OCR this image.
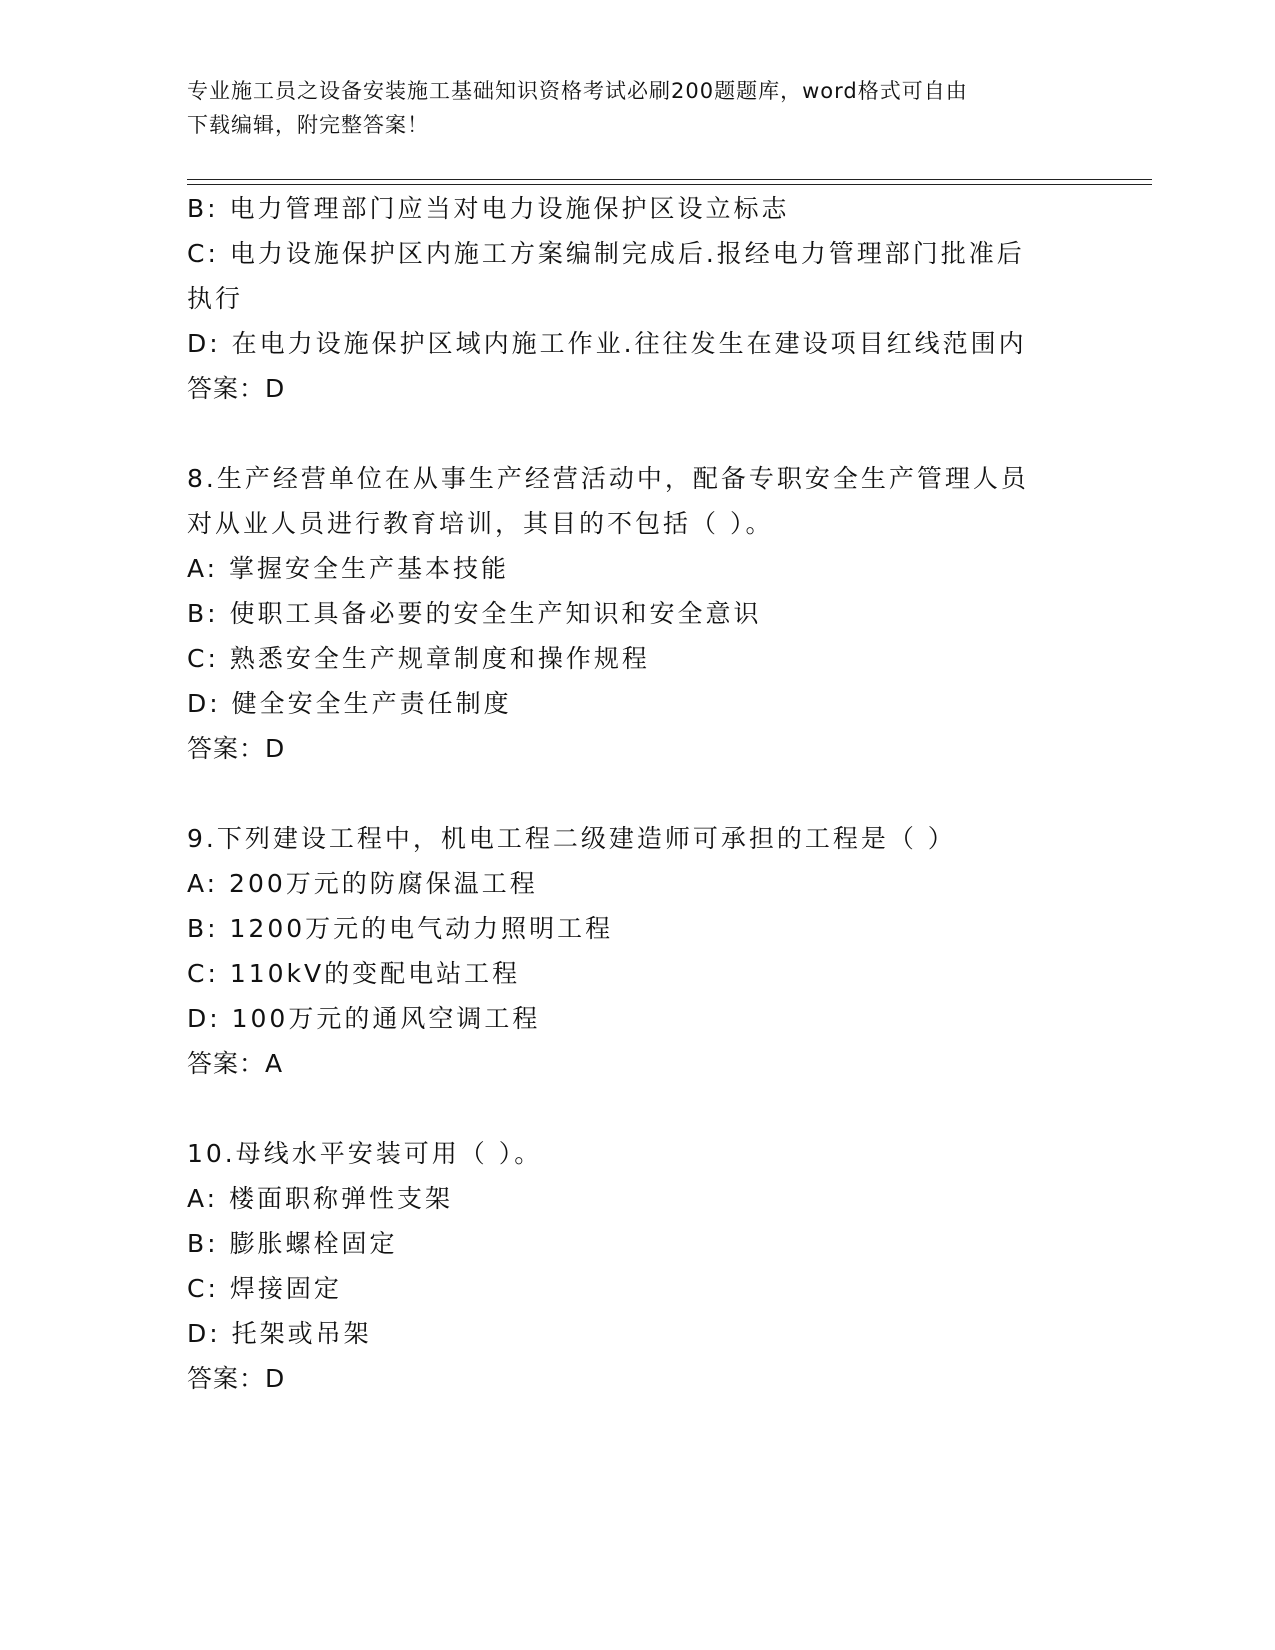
专业施工员之设备安装施工基础知识资格考试必刷200题题库，word格式可自由
下载编辑，附完整答案！
B: 电力管理部门应当对电力设施保护区设立标志
C: 电力设施保护区内施工方案编制完成后.报经电力管理部门批准后
执行
D: 在电力设施保护区域内施工作业.往往发生在建设项目红线范围内
答案：D
8.生产经营单位在从事生产经营活动中，配备专职安全生产管理人员
对从业人员进行教育培训，其目的不包括（ ）。
A: 掌握安全生产基本技能
B: 使职工具备必要的安全生产知识和安全意识
C: 熟悉安全生产规章制度和操作规程
D: 健全安全生产责任制度
答案：D
9.下列建设工程中，机电工程二级建造师可承担的工程是（ ）
A: 200万元的防腐保温工程
B: 1200万元的电气动力照明工程
C: 110kV的变配电站工程
D: 100万元的通风空调工程
答案：A
10.母线水平安装可用（ ）。
A: 楼面职称弹性支架
B: 膨胀螺栓固定
C: 焊接固定
D: 托架或吊架
答案：D
